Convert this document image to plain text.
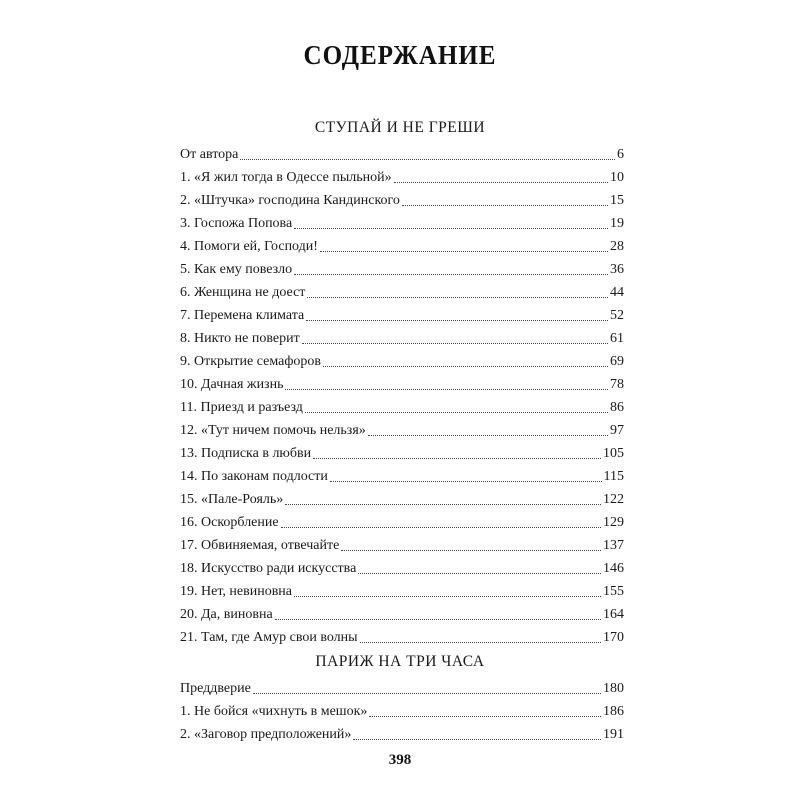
СОДЕРЖАНИЕ
СТУПАЙ И НЕ ГРЕШИ
От автора	6
1. «Я жил тогда в Одессе пыльной»	10
2. «Штучка» господина Кандинского	15
3. Госпожа Попова	19
4. Помоги ей, Господи!	28
5. Как ему повезло	36
6. Женщина не доест	44
7. Перемена климата	52
8. Никто не поверит	61
9. Открытие семафоров	69
10. Дачная жизнь	78
11. Приезд и разъезд	86
12. «Тут ничем помочь нельзя»	97
13. Подписка в любви	105
14. По законам подлости	115
15. «Пале-Рояль»	122
16. Оскорбление	129
17. Обвиняемая, отвечайте	137
18. Искусство ради искусства	146
19. Нет, невиновна	155
20. Да, виновна	164
21. Там, где Амур свои волны	170
ПАРИЖ НА ТРИ ЧАСА
Преддверие	180
1. Не бойся «чихнуть в мешок»	186
2. «Заговор предположений»	191
398
